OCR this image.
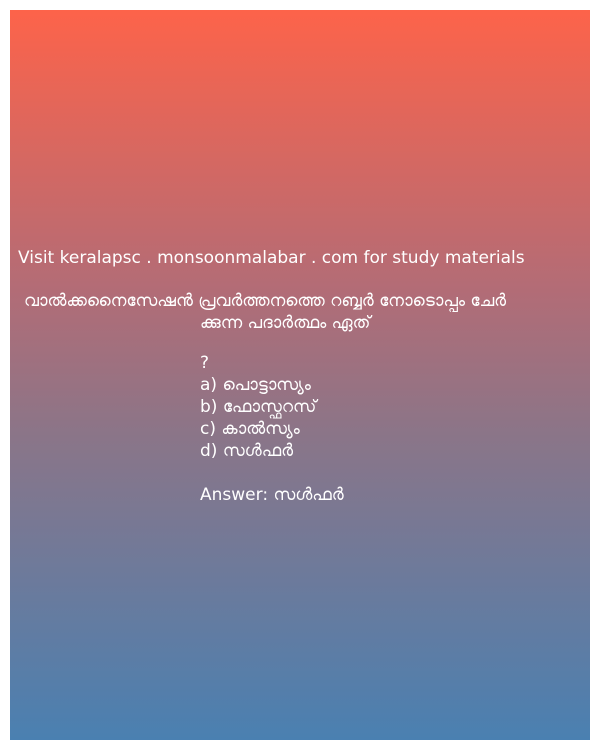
Visit keralapsc . monsoonmalabar . com for study materials
വാൽക്കനൈസേഷൻ പ്രവർത്തനത്തെ റബ്ബർ നോടൊപ്പം ചേർ
ക്കുന്ന പദാർത്ഥം ഏത്
?
a) പൊട്ടാസ്യം
b) ഫോസ്ഫറസ്
c) കാൽസ്യം
d) സൾഫർ
Answer: സൾഫർ
